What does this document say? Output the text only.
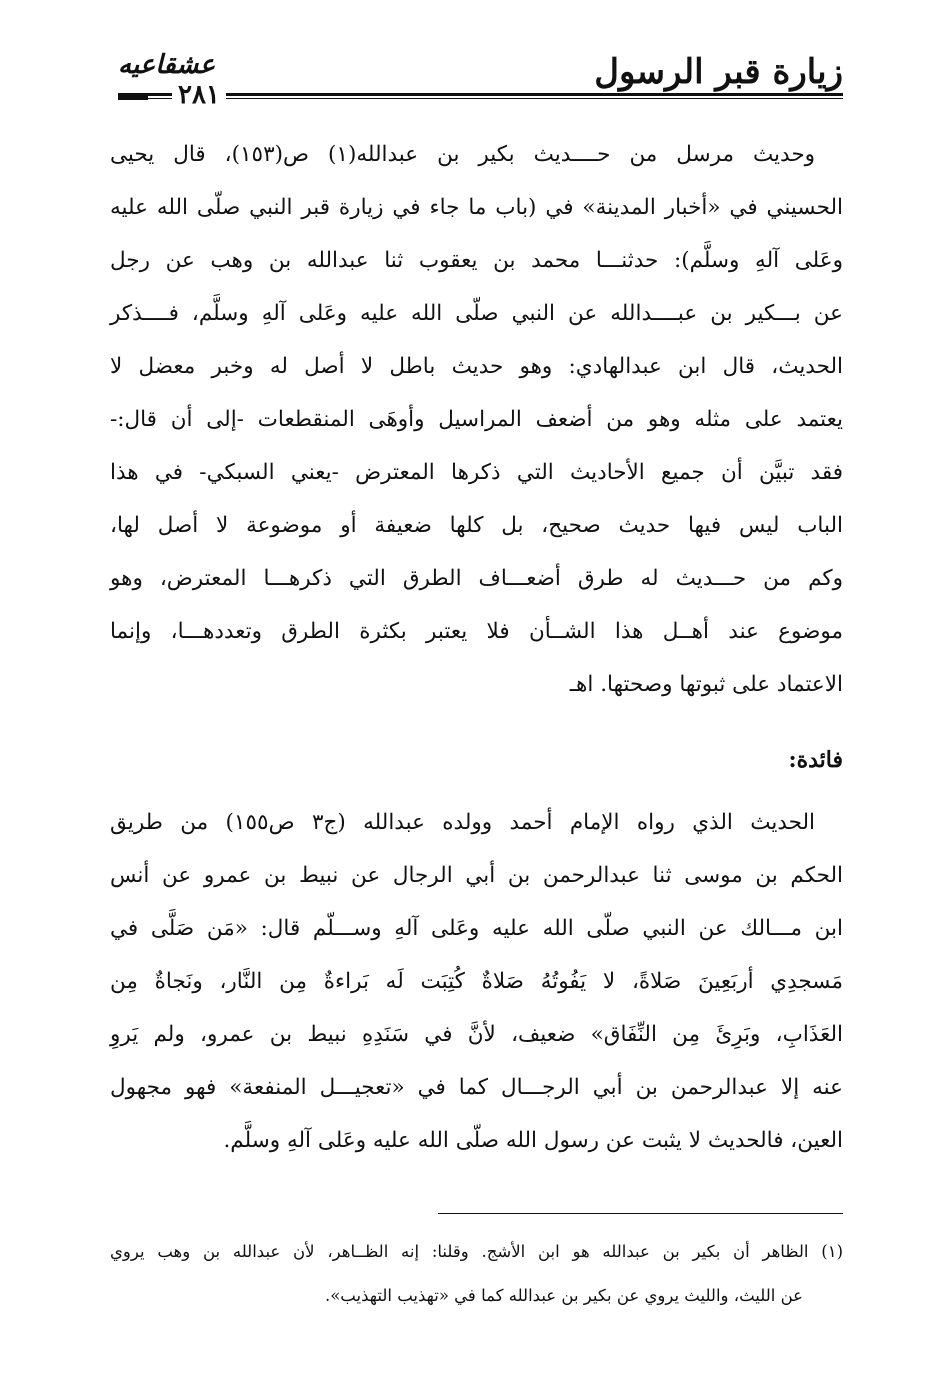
زيارة قبر الرسول
عشقاعيه
٢٨١
وحديث مرسل من حــــديث بكير بن عبدالله(١) ص(١٥٣)، قال يحيى
الحسيني في «أخبار المدينة» في (باب ما جاء في زيارة قبر النبي صلّى الله عليه
وعَلى آلهِ وسلَّم): حدثنـــا محمد بن يعقوب ثنا عبدالله بن وهب عن رجل
عن بـــكير بن عبــــدالله عن النبي صلّى الله عليه وعَلى آلهِ وسلَّم، فــــذكر
الحديث، قال ابن عبدالهادي: وهو حديث باطل لا أصل له وخبر معضل لا
يعتمد على مثله وهو من أضعف المراسيل وأوهَى المنقطعات -إلى أن قال:-
فقد تبيَّن أن جميع الأحاديث التي ذكرها المعترض -يعني السبكي- في هذا
الباب ليس فيها حديث صحيح، بل كلها ضعيفة أو موضوعة لا أصل لها،
وكم من حـــديث له طرق أضعـــاف الطرق التي ذكرهـــا المعترض، وهو
موضوع عند أهــل هذا الشــأن فلا يعتبر بكثرة الطرق وتعددهـــا، وإنما
الاعتماد على ثبوتها وصحتها. اهـ
فائدة:
الحديث الذي رواه الإمام أحمد وولده عبدالله (ج٣ ص١٥٥) من طريق
الحكم بن موسى ثنا عبدالرحمن بن أبي الرجال عن نبيط بن عمرو عن أنس
ابن مـــالك عن النبي صلّى الله عليه وعَلى آلهِ وســـلّم قال: «مَن صَلَّى في
مَسجدِي أربَعِينَ صَلاةً، لا يَفُوتُهُ صَلاةٌ كُتِبَت لَه بَراءةٌ مِن النَّار، ونَجاةٌ مِن
العَذَابِ، وبَرِئَ مِن النِّفَاق» ضعيف، لأنَّ في سَنَدِهِ نبيط بن عمرو، ولم يَروِ
عنه إلا عبدالرحمن بن أبي الرجـــال كما في «تعجيـــل المنفعة» فهو مجهول
العين، فالحديث لا يثبت عن رسول الله صلّى الله عليه وعَلى آلهِ وسلَّم.
(١) الظاهر أن بكير بن عبدالله هو ابن الأشج. وقلنا: إنه الظــاهر، لأن عبدالله بن وهب يروي
عن الليث، والليث يروي عن بكير بن عبدالله كما في «تهذيب التهذيب».
